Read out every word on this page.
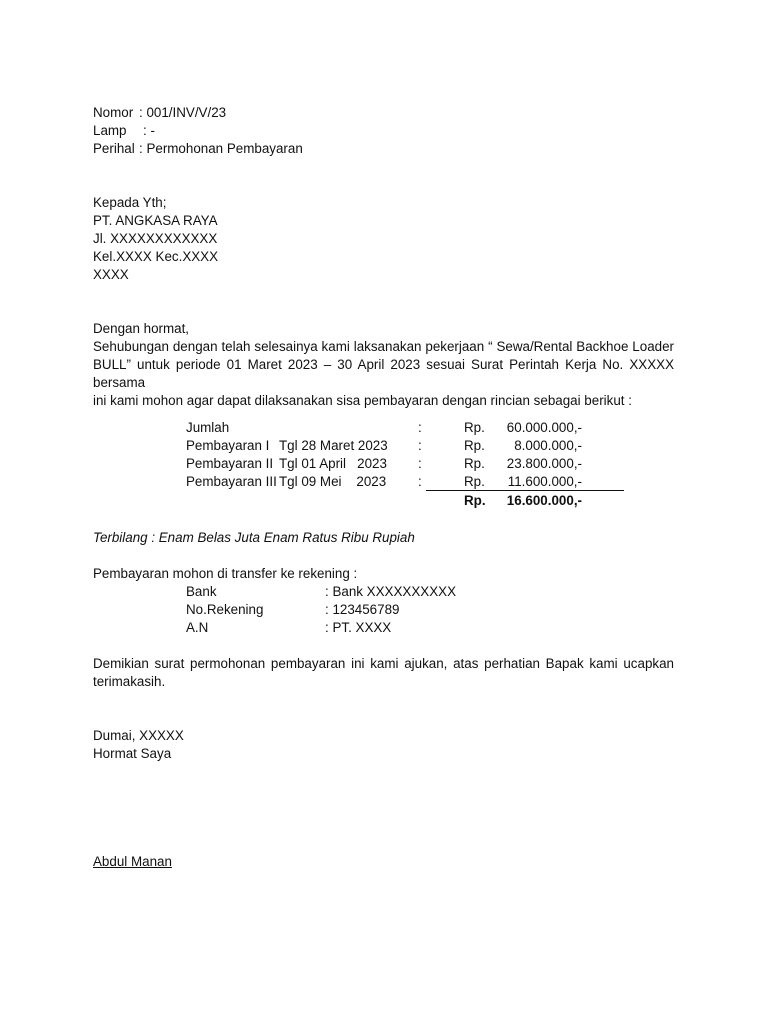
Nomor : 001/INV/V/23
Lamp	: -
Perihal : Permohonan Pembayaran
Kepada Yth;
PT. ANGKASA RAYA
Jl. XXXXXXXXXXXX
Kel.XXXX Kec.XXXX
XXXX
Dengan hormat,
Sehubungan dengan telah selesainya kami laksanakan pekerjaan “ Sewa/Rental Backhoe Loader
BULL” untuk periode 01 Maret 2023 – 30 April 2023 sesuai Surat Perintah Kerja No. XXXXX bersama
ini kami mohon agar dapat dilaksanakan sisa pembayaran dengan rincian sebagai berikut :
Jumlah	:	Rp.	60.000.000,-
Pembayaran I Tgl 28 Maret 2023 :	Rp.	8.000.000,-
Pembayaran II Tgl 01 April   2023 :	Rp.	23.800.000,-
Pembayaran III Tgl 09 Mei    2023 :	Rp.	11.600.000,-
Rp.	16.600.000,-
Terbilang : Enam Belas Juta Enam Ratus Ribu Rupiah
Pembayaran mohon di transfer ke rekening :
Bank	: Bank XXXXXXXXXX
No.Rekening	: 123456789
A.N	: PT. XXXX
Demikian surat permohonan pembayaran ini kami ajukan, atas perhatian Bapak kami ucapkan
terimakasih.
Dumai, XXXXX
Hormat Saya
Abdul Manan
